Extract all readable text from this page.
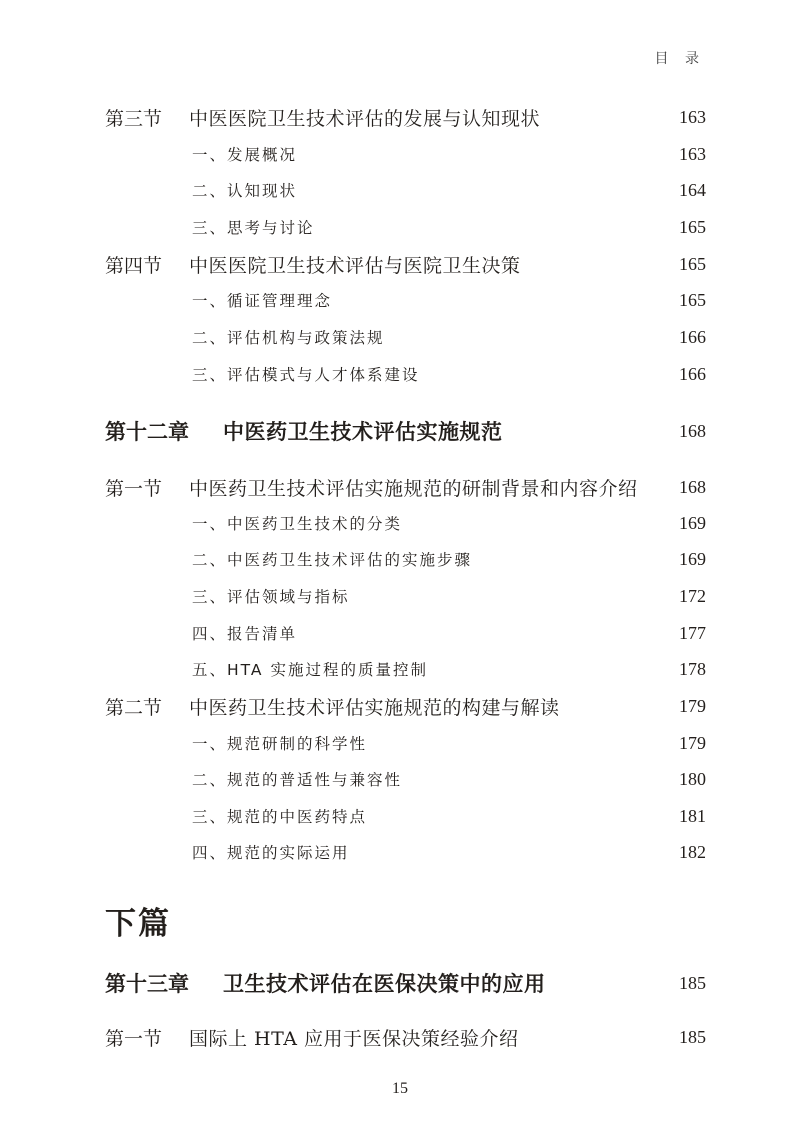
目 录
第三节	中医医院卫生技术评估的发展与认知现状	163
一、发展概况	163
二、认知现状	164
三、思考与讨论	165
第四节	中医医院卫生技术评估与医院卫生决策	165
一、循证管理理念	165
二、评估机构与政策法规	166
三、评估模式与人才体系建设	166
第十二章	中医药卫生技术评估实施规范	168
第一节	中医药卫生技术评估实施规范的研制背景和内容介绍	168
一、中医药卫生技术的分类	169
二、中医药卫生技术评估的实施步骤	169
三、评估领域与指标	172
四、报告清单	177
五、HTA 实施过程的质量控制	178
第二节	中医药卫生技术评估实施规范的构建与解读	179
一、规范研制的科学性	179
二、规范的普适性与兼容性	180
三、规范的中医药特点	181
四、规范的实际运用	182
下篇
第十三章	卫生技术评估在医保决策中的应用	185
第一节	国际上 HTA 应用于医保决策经验介绍	185
15
